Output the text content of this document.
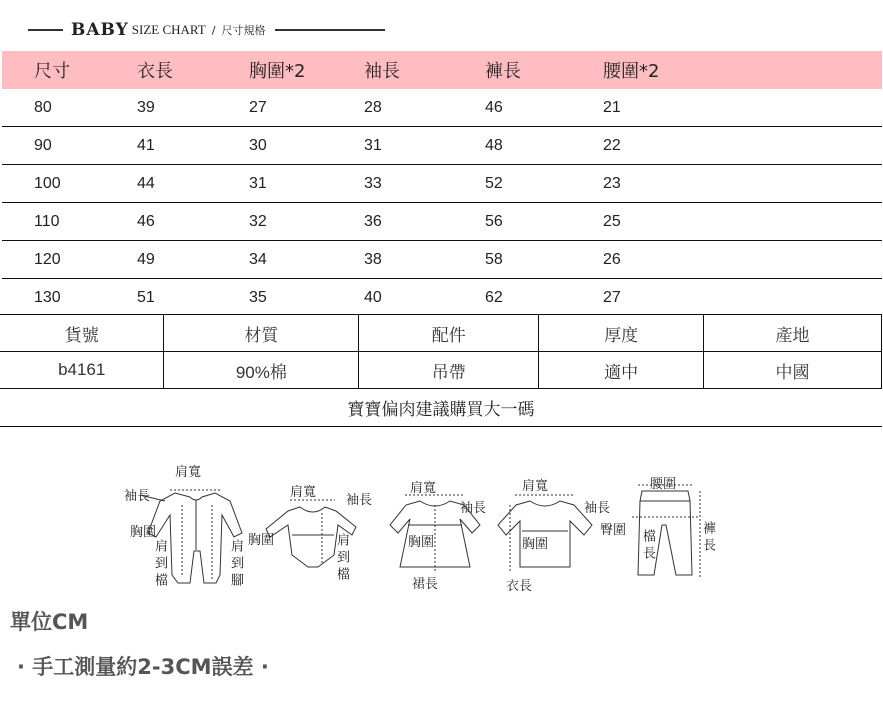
BABY SIZE CHART / 尺寸規格
尺寸	衣長	胸圍*2	袖長	褲長	腰圍*2
80	39	27	28	46	21
90	41	30	31	48	22
100	44	31	33	52	23
110	46	32	36	56	25
120	49	34	38	58	26
130	51	35	40	62	27
貨號	材質	配件	厚度	產地
b4161	90%棉	吊帶	適中	中國
寶寶偏肉建議購買大一碼
肩寬
袖長
胸圍
肩到檔	肩到腳
肩寬
袖長
胸圍	肩到檔
肩寬
袖長
胸圍
裙長
肩寬
袖長
胸圍
衣長
腰圍
臀圍 檔長	褲長
單位CM
· 手工測量約2-3CM誤差 ·
